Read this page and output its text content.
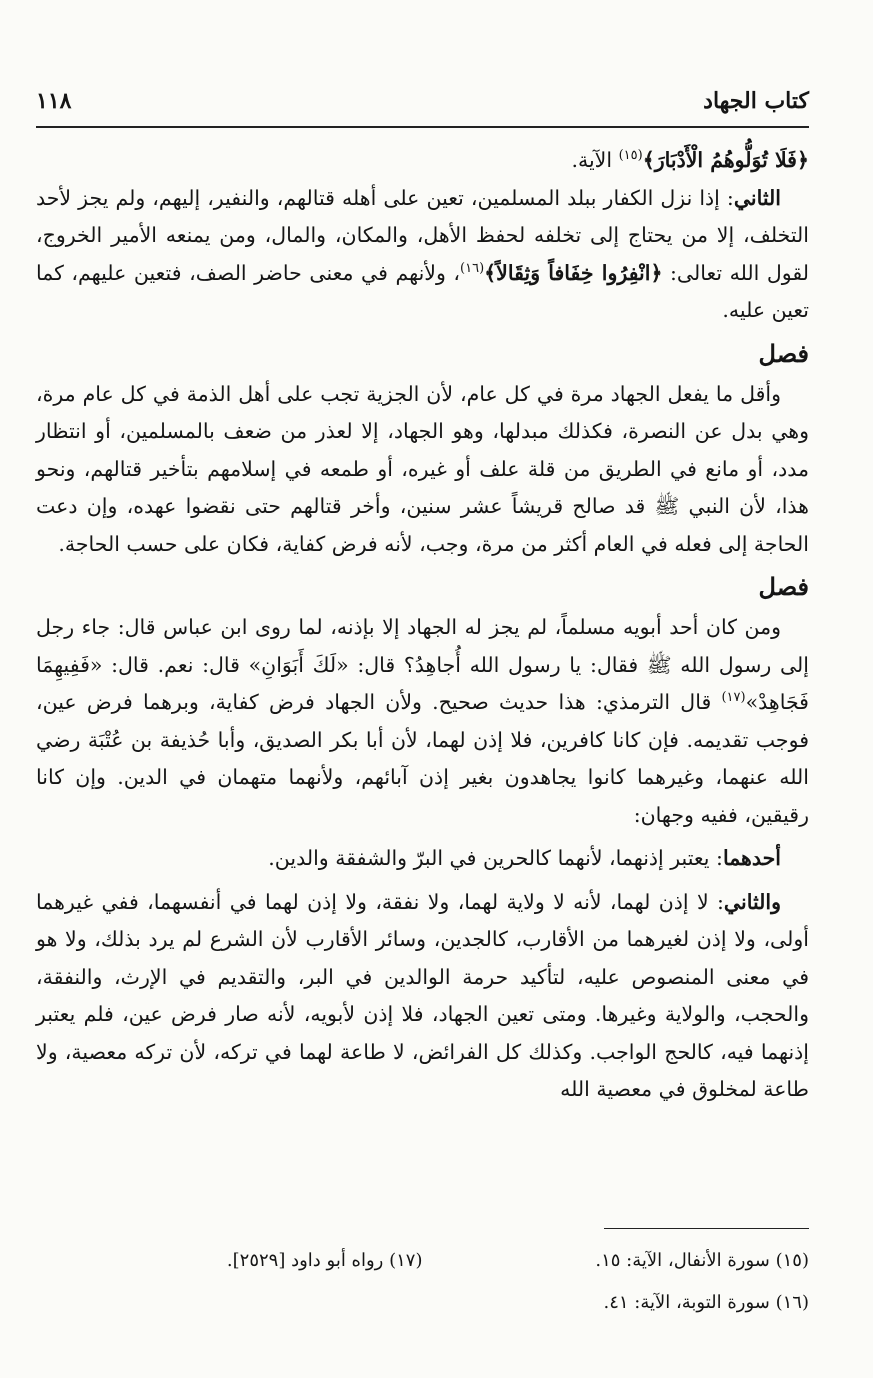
كتاب الجهاد
١١٨

﴿فَلَا تُوَلُّوهُمُ الْأَدْبَارَ﴾$^{(١٥)}$ الآية.

الثاني: إذا نزل الكفار ببلد المسلمين، تعين على أهله قتالهم، والنفير، إليهم، ولم يجز لأحد التخلف، إلا من يحتاج إلى تخلفه لحفظ الأهل، والمكان، والمال، ومن يمنعه الأمير الخروج، لقول الله تعالى: ﴿انْفِرُوا خِفَافاً وَثِقَالاً﴾$^{(١٦)}$، ولأنهم في معنى حاضر الصف، فتعين عليهم، كما تعين عليه.

فصل

وأقل ما يفعل الجهاد مرة في كل عام، لأن الجزية تجب على أهل الذمة في كل عام مرة، وهي بدل عن النصرة، فكذلك مبدلها، وهو الجهاد، إلا لعذر من ضعف بالمسلمين، أو انتظار مدد، أو مانع في الطريق من قلة علف أو غيره، أو طمعه في إسلامهم بتأخير قتالهم، ونحو هذا، لأن النبي ﷺ قد صالح قريشاً عشر سنين، وأخر قتالهم حتى نقضوا عهده، وإن دعت الحاجة إلى فعله في العام أكثر من مرة، وجب، لأنه فرض كفاية، فكان على حسب الحاجة.

فصل

ومن كان أحد أبويه مسلماً، لم يجز له الجهاد إلا بإذنه، لما روى ابن عباس قال: جاء رجل إلى رسول الله ﷺ فقال: يا رسول الله أُجاهِدُ؟ قال: «لَكَ أَبَوَانِ» قال: نعم. قال: «فَفِيهِمَا فَجَاهِدْ»$^{(١٧)}$ قال الترمذي: هذا حديث صحيح. ولأن الجهاد فرض كفاية، وبرهما فرض عين، فوجب تقديمه. فإن كانا كافرين، فلا إذن لهما، لأن أبا بكر الصديق، وأبا حُذيفة بن عُتْبَة رضي الله عنهما، وغيرهما كانوا يجاهدون بغير إذن آبائهم، ولأنهما متهمان في الدين. وإن كانا رقيقين، ففيه وجهان:

أحدهما: يعتبر إذنهما، لأنهما كالحرين في البرّ والشفقة والدين.

والثاني: لا إذن لهما، لأنه لا ولاية لهما، ولا نفقة، ولا إذن لهما في أنفسهما، ففي غيرهما أولى، ولا إذن لغيرهما من الأقارب، كالجدين، وسائر الأقارب لأن الشرع لم يرد بذلك، ولا هو في معنى المنصوص عليه، لتأكيد حرمة الوالدين في البر، والتقديم في الإرث، والنفقة، والحجب، والولاية وغيرها. ومتى تعين الجهاد، فلا إذن لأبويه، لأنه صار فرض عين، فلم يعتبر إذنهما فيه، كالحج الواجب. وكذلك كل الفرائض، لا طاعة لهما في تركه، لأن تركه معصية، ولا طاعة لمخلوق في معصية الله

(١٥) سورة الأنفال، الآية: ١٥.
(١٧) رواه أبو داود [٢٥٢٩].
(١٦) سورة التوبة، الآية: ٤١.
